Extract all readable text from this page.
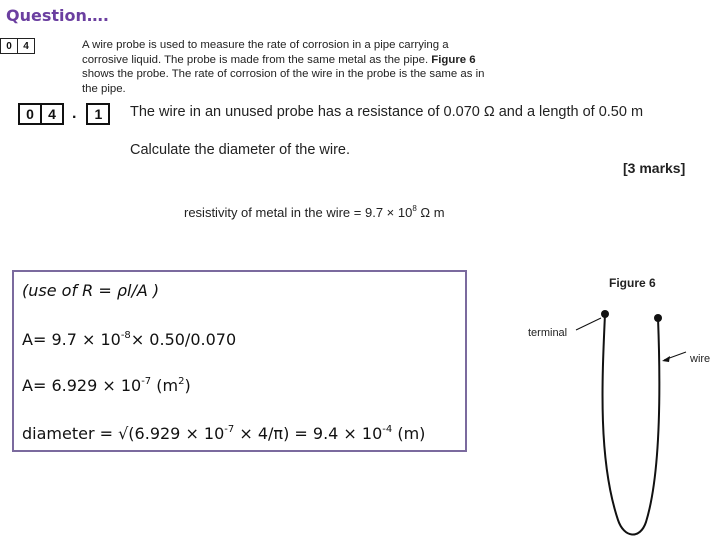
Question….
0	4	A wire probe is used to measure the rate of corrosion in a pipe carrying a
corrosive liquid. The probe is made from the same metal as the pipe. Figure 6
shows the probe. The rate of corrosion of the wire in the probe is the same as in
the pipe.
0	4	.	1	The wire in an unused probe has a resistance of 0.070 Ω and a length of 0.50 m
Calculate the diameter of the wire.
[3 marks]
resistivity of metal in the wire = $9.7 \times 10^8$ Ω m
(use of R = ρl/A )
$A= 9.7 \times 10^{-8}\times 0.50/0.070$
$A= 6.929 \times 10^{-7}$ $(m^2)$
diameter = $√(6.929 \times 10^{-7} \times 4/\pi) = 9.4 \times 10^{-4}$ (m)
Figure 6
terminal
wire
